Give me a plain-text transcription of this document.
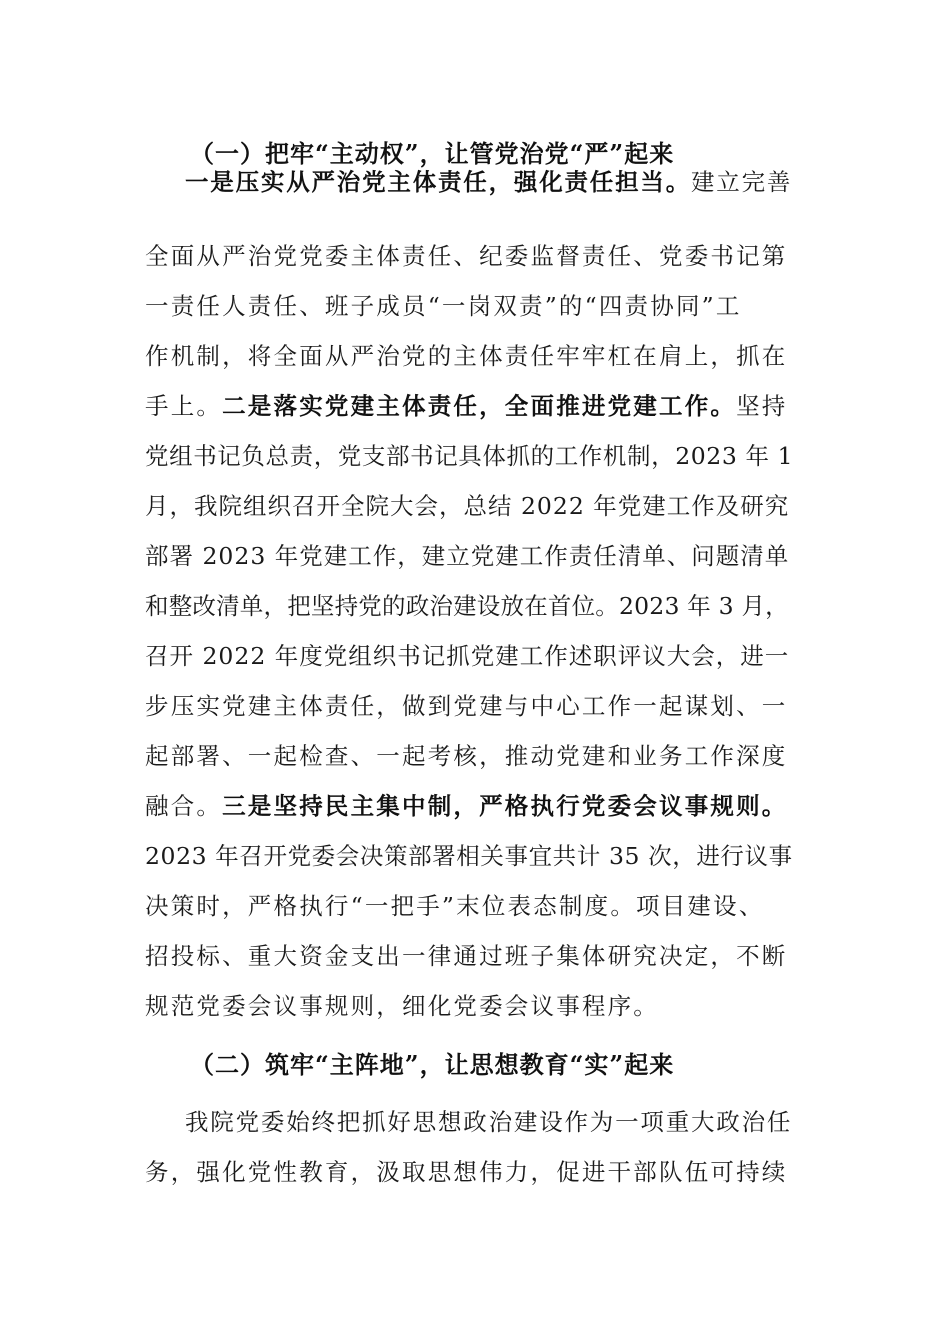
（一）把牢“主动权”，让管党治党“严”起来
一是压实从严治党主体责任，强化责任担当。建立完善
全面从严治党党委主体责任、纪委监督责任、党委书记第
一责任人责任、班子成员“一岗双责”的“四责协同”工
作机制，将全面从严治党的主体责任牢牢杠在肩上，抓在
手上。二是落实党建主体责任，全面推进党建工作。坚持
党组书记负总责，党支部书记具体抓的工作机制，2023 年 1
月，我院组织召开全院大会，总结 2022 年党建工作及研究
部署 2023 年党建工作，建立党建工作责任清单、问题清单
和整改清单，把坚持党的政治建设放在首位。2023 年 3 月，
召开 2022 年度党组织书记抓党建工作述职评议大会，进一
步压实党建主体责任，做到党建与中心工作一起谋划、一
起部署、一起检查、一起考核，推动党建和业务工作深度
融合。三是坚持民主集中制，严格执行党委会议事规则。
2023 年召开党委会决策部署相关事宜共计 35 次，进行议事
决策时，严格执行“一把手”末位表态制度。项目建设、
招投标、重大资金支出一律通过班子集体研究决定，不断
规范党委会议事规则，细化党委会议事程序。
（二）筑牢“主阵地”，让思想教育“实”起来
我院党委始终把抓好思想政治建设作为一项重大政治任
务，强化党性教育，汲取思想伟力，促进干部队伍可持续
